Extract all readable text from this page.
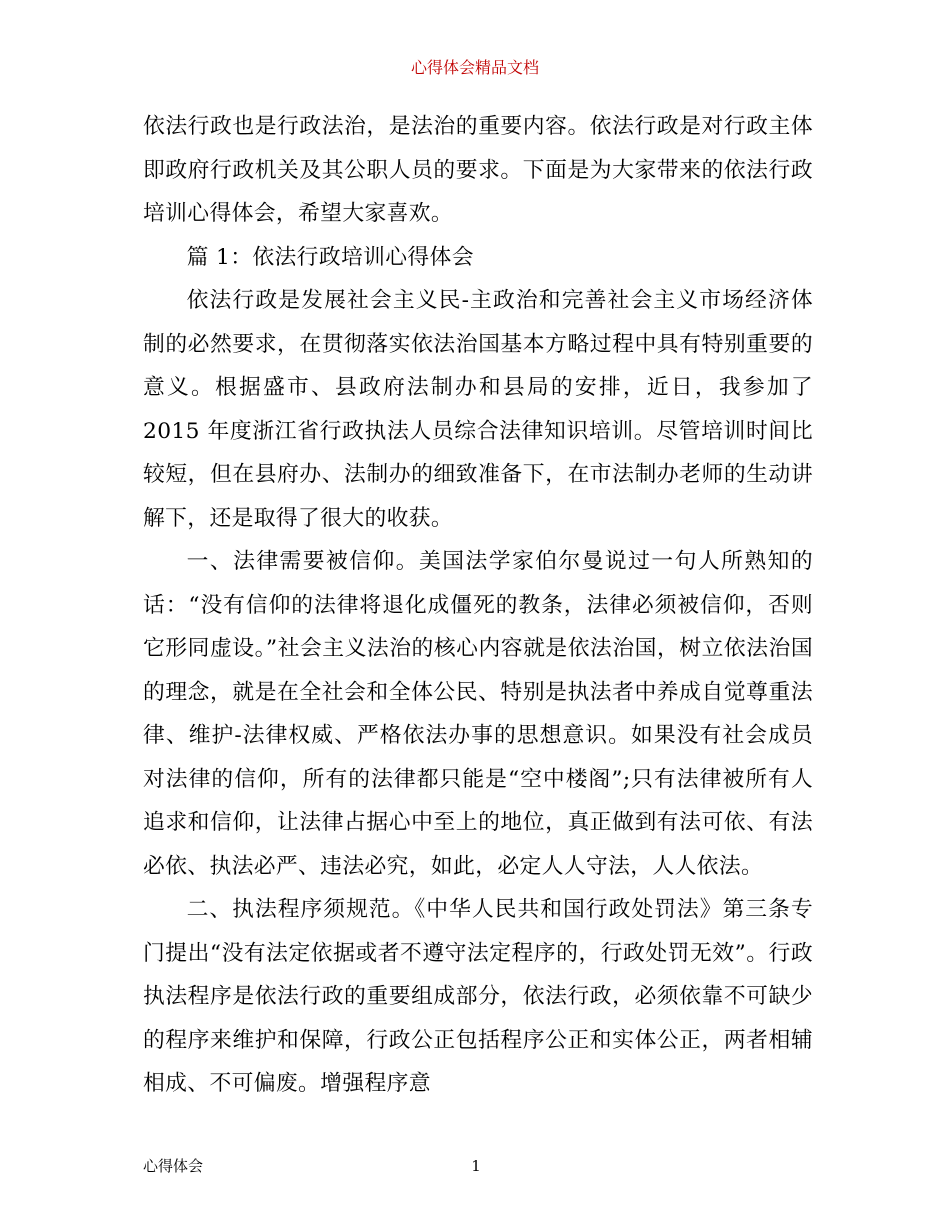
心得体会精品文档

依法行政也是行政法治，是法治的重要内容。依法行政是对行政主体即政府行政机关及其公职人员的要求。下面是为大家带来的依法行政培训心得体会，希望大家喜欢。

篇 1：依法行政培训心得体会

依法行政是发展社会主义民-主政治和完善社会主义市场经济体制的必然要求，在贯彻落实依法治国基本方略过程中具有特别重要的意义。根据盛市、县政府法制办和县局的安排，近日，我参加了 2015 年度浙江省行政执法人员综合法律知识培训。尽管培训时间比较短，但在县府办、法制办的细致准备下，在市法制办老师的生动讲解下，还是取得了很大的收获。

一、法律需要被信仰。美国法学家伯尔曼说过一句人所熟知的话：“没有信仰的法律将退化成僵死的教条，法律必须被信仰，否则它形同虚设。”社会主义法治的核心内容就是依法治国，树立依法治国的理念，就是在全社会和全体公民、特别是执法者中养成自觉尊重法律、维护-法律权威、严格依法办事的思想意识。如果没有社会成员对法律的信仰，所有的法律都只能是“空中楼阁”;只有法律被所有人追求和信仰，让法律占据心中至上的地位，真正做到有法可依、有法必依、执法必严、违法必究，如此，必定人人守法，人人依法。

二、执法程序须规范。《中华人民共和国行政处罚法》第三条专门提出“没有法定依据或者不遵守法定程序的，行政处罚无效”。行政执法程序是依法行政的重要组成部分，依法行政，必须依靠不可缺少的程序来维护和保障，行政公正包括程序公正和实体公正，两者相辅相成、不可偏废。增强程序意

心得体会	1
